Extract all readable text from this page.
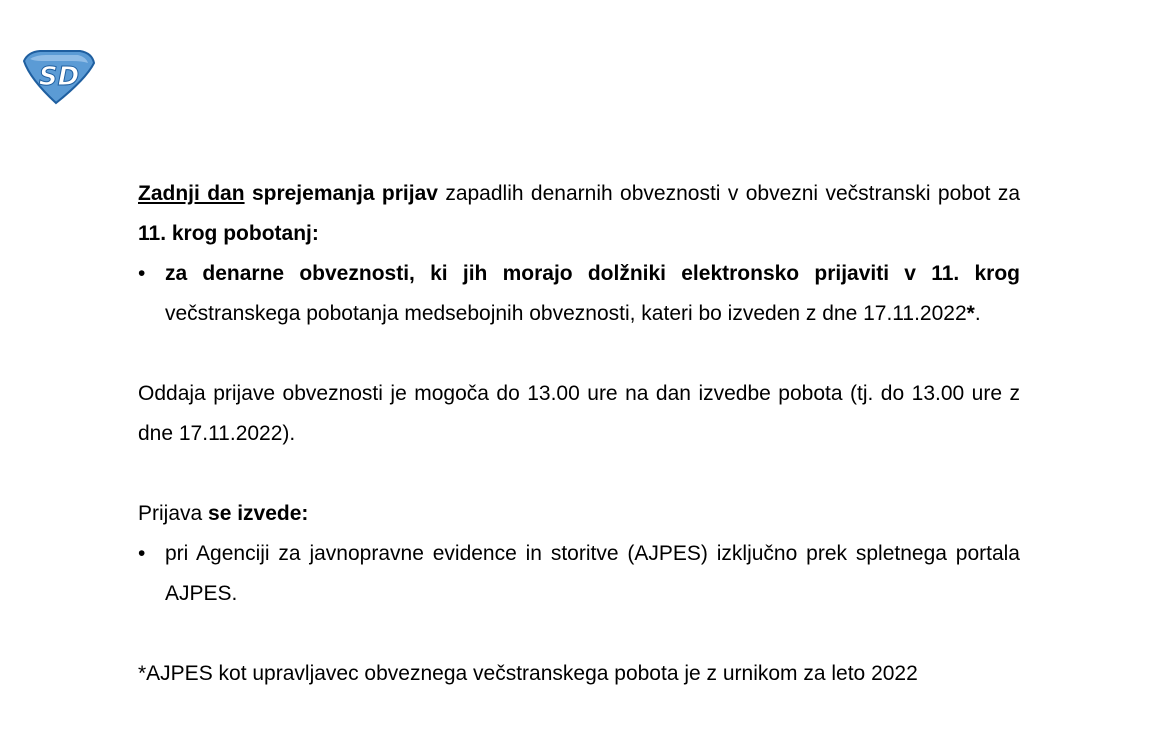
SD

Zadnji dan sprejemanja prijav zapadlih denarnih obveznosti v obvezni večstranski pobot za 11. krog pobotanj:

• za denarne obveznosti, ki jih morajo dolžniki elektronsko prijaviti v 11. krog večstranskega pobotanja medsebojnih obveznosti, kateri bo izveden z dne 17.11.2022*.

Oddaja prijave obveznosti je mogoča do 13.00 ure na dan izvedbe pobota (tj. do 13.00 ure z dne 17.11.2022).

Prijava se izvede:

• pri Agenciji za javnopravne evidence in storitve (AJPES) izključno prek spletnega portala AJPES.

*AJPES kot upravljavec obveznega večstranskega pobota je z urnikom za leto 2022
